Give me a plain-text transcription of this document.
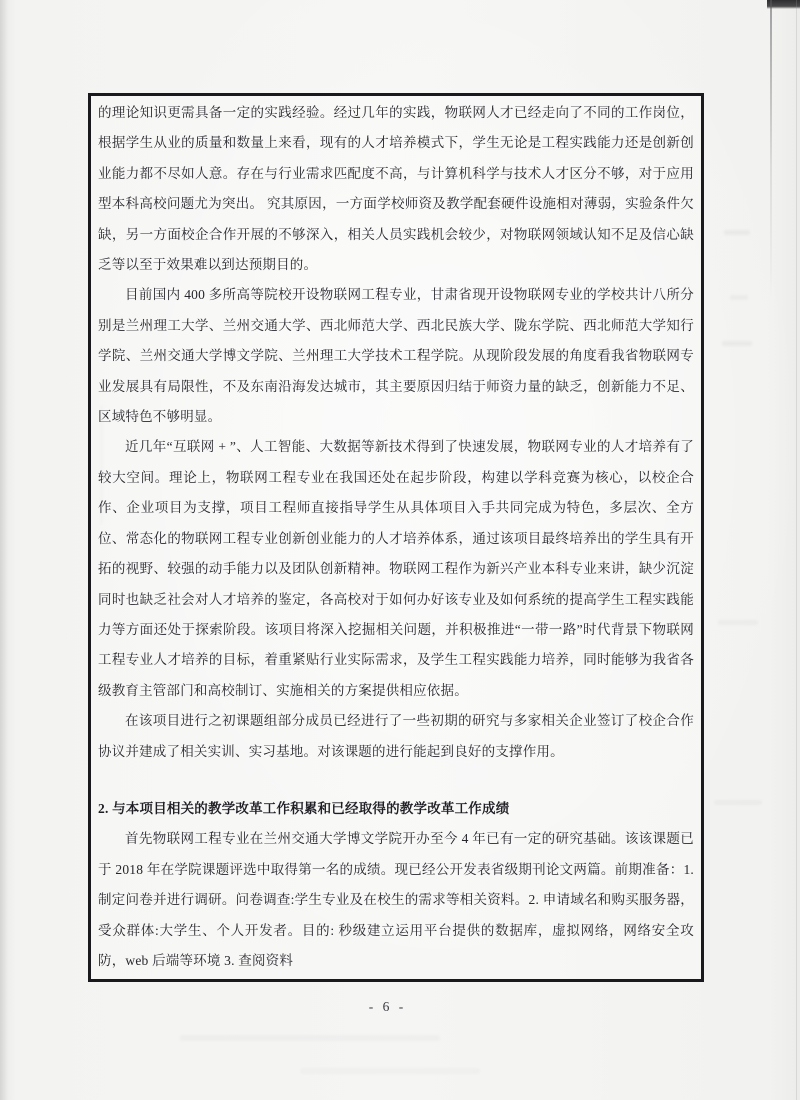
的理论知识更需具备一定的实践经验。经过几年的实践，物联网人才已经走向了不同的工作岗位，根据学生从业的质量和数量上来看，现有的人才培养模式下，学生无论是工程实践能力还是创新创业能力都不尽如人意。存在与行业需求匹配度不高，与计算机科学与技术人才区分不够，对于应用型本科高校问题尤为突出。 究其原因，一方面学校师资及教学配套硬件设施相对薄弱，实验条件欠缺，另一方面校企合作开展的不够深入，相关人员实践机会较少，对物联网领域认知不足及信心缺乏等以至于效果难以到达预期目的。

目前国内 400 多所高等院校开设物联网工程专业，甘肃省现开设物联网专业的学校共计八所分别是兰州理工大学、兰州交通大学、西北师范大学、西北民族大学、陇东学院、西北师范大学知行学院、兰州交通大学博文学院、兰州理工大学技术工程学院。从现阶段发展的角度看我省物联网专业发展具有局限性，不及东南沿海发达城市，其主要原因归结于师资力量的缺乏，创新能力不足、区域特色不够明显。

近几年“互联网 + ”、人工智能、大数据等新技术得到了快速发展，物联网专业的人才培养有了较大空间。理论上，物联网工程专业在我国还处在起步阶段，构建以学科竞赛为核心，以校企合作、企业项目为支撑，项目工程师直接指导学生从具体项目入手共同完成为特色，多层次、全方位、常态化的物联网工程专业创新创业能力的人才培养体系，通过该项目最终培养出的学生具有开拓的视野、较强的动手能力以及团队创新精神。物联网工程作为新兴产业本科专业来讲，缺少沉淀同时也缺乏社会对人才培养的鉴定，各高校对于如何办好该专业及如何系统的提高学生工程实践能力等方面还处于探索阶段。该项目将深入挖掘相关问题，并积极推进“一带一路”时代背景下物联网工程专业人才培养的目标，着重紧贴行业实际需求，及学生工程实践能力培养，同时能够为我省各级教育主管部门和高校制订、实施相关的方案提供相应依据。

在该项目进行之初课题组部分成员已经进行了一些初期的研究与多家相关企业签订了校企合作协议并建成了相关实训、实习基地。对该课题的进行能起到良好的支撑作用。

2. 与本项目相关的教学改革工作积累和已经取得的教学改革工作成绩

首先物联网工程专业在兰州交通大学博文学院开办至今 4 年已有一定的研究基础。该该课题已于 2018 年在学院课题评选中取得第一名的成绩。现已经公开发表省级期刊论文两篇。前期准备：1. 制定问卷并进行调研。问卷调查:学生专业及在校生的需求等相关资料。2. 申请域名和购买服务器，受众群体:大学生、个人开发者。目的: 秒级建立运用平台提供的数据库，虚拟网络，网络安全攻防，web 后端等环境 3. 查阅资料

- 6 -
